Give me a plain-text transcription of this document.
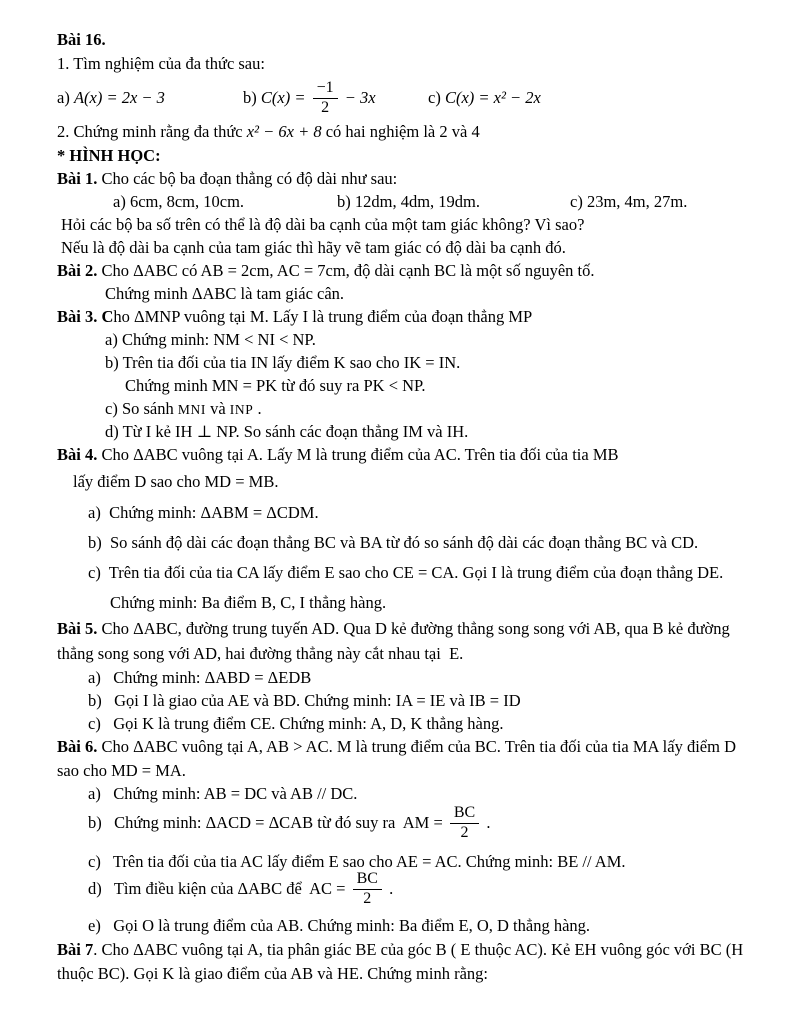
Bài 16.
1. Tìm nghiệm của đa thức sau:
a) A(x) = 2x − 3	b) $C(x) = \frac{-1}{2} - 3x$	c) C(x) = x² − 2x
2. Chứng minh rằng đa thức x² − 6x + 8 có hai nghiệm là 2 và 4
* HÌNH HỌC:
Bài 1. Cho các bộ ba đoạn thẳng có độ dài như sau:
a) 6cm, 8cm, 10cm.	b) 12dm, 4dm, 19dm.	c) 23m, 4m, 27m.
Hỏi các bộ ba số trên có thể là độ dài ba cạnh của một tam giác không? Vì sao?
Nếu là độ dài ba cạnh của tam giác thì hãy vẽ tam giác có độ dài ba cạnh đó.
Bài 2. Cho ΔABC có AB = 2cm, AC = 7cm, độ dài cạnh BC là một số nguyên tố.
Chứng minh ΔABC là tam giác cân.
Bài 3. C ho ΔMNP vuông tại M. Lấy I là trung điểm của đoạn thẳng MP
a) Chứng minh: NM < NI < NP.
b) Trên tia đối của tia IN lấy điểm K sao cho IK = IN.
Chứng minh MN = PK từ đó suy ra PK < NP.
c) So sánh MNI và INP .
d) Từ I kẻ IH ⊥ NP. So sánh các đoạn thẳng IM và IH.
Bài 4. Cho ΔABC vuông tại A. Lấy M là trung điểm của AC. Trên tia đối của tia MB
lấy điểm D sao cho MD = MB.
a)  Chứng minh: ΔABM = ΔCDM.
b)  So sánh độ dài các đoạn thẳng BC và BA từ đó so sánh độ dài các đoạn thẳng BC và CD.
c)  Trên tia đối của tia CA lấy điểm E sao cho CE = CA. Gọi I là trung điểm của đoạn thẳng DE.
Chứng minh: Ba điểm B, C, I thẳng hàng.
Bài 5. Cho ΔABC, đường trung tuyến AD. Qua D kẻ đường thẳng song song với AB, qua B kẻ đường
thẳng song song với AD, hai đường thẳng này cắt nhau tại  E.
a)   Chứng minh: ΔABD = ΔEDB
b)   Gọi I là giao của AE và BD. Chứng minh: IA = IE và IB = ID
c)   Gọi K là trung điểm CE. Chứng minh: A, D, K thẳng hàng.
Bài 6. Cho ΔABC vuông tại A, AB > AC. M là trung điểm của BC. Trên tia đối của tia MA lấy điểm D
sao cho MD = MA.
a)   Chứng minh: AB = DC và AB // DC.
b)   Chứng minh: ΔACD = ΔCAB từ đó suy ra AM = $\frac{BC}{2}$ .
c)   Trên tia đối của tia AC lấy điểm E sao cho AE = AC. Chứng minh: BE // AM.
d)   Tìm điều kiện của ΔABC để AC = $\frac{BC}{2}$ .
e)   Gọi O là trung điểm của AB. Chứng minh: Ba điểm E, O, D thẳng hàng.
Bài 7 . Cho ΔABC vuông tại A, tia phân giác BE của góc B ( E thuộc AC). Kẻ EH vuông góc với BC (H
thuộc BC). Gọi K là giao điểm của AB và HE. Chứng minh rằng:
